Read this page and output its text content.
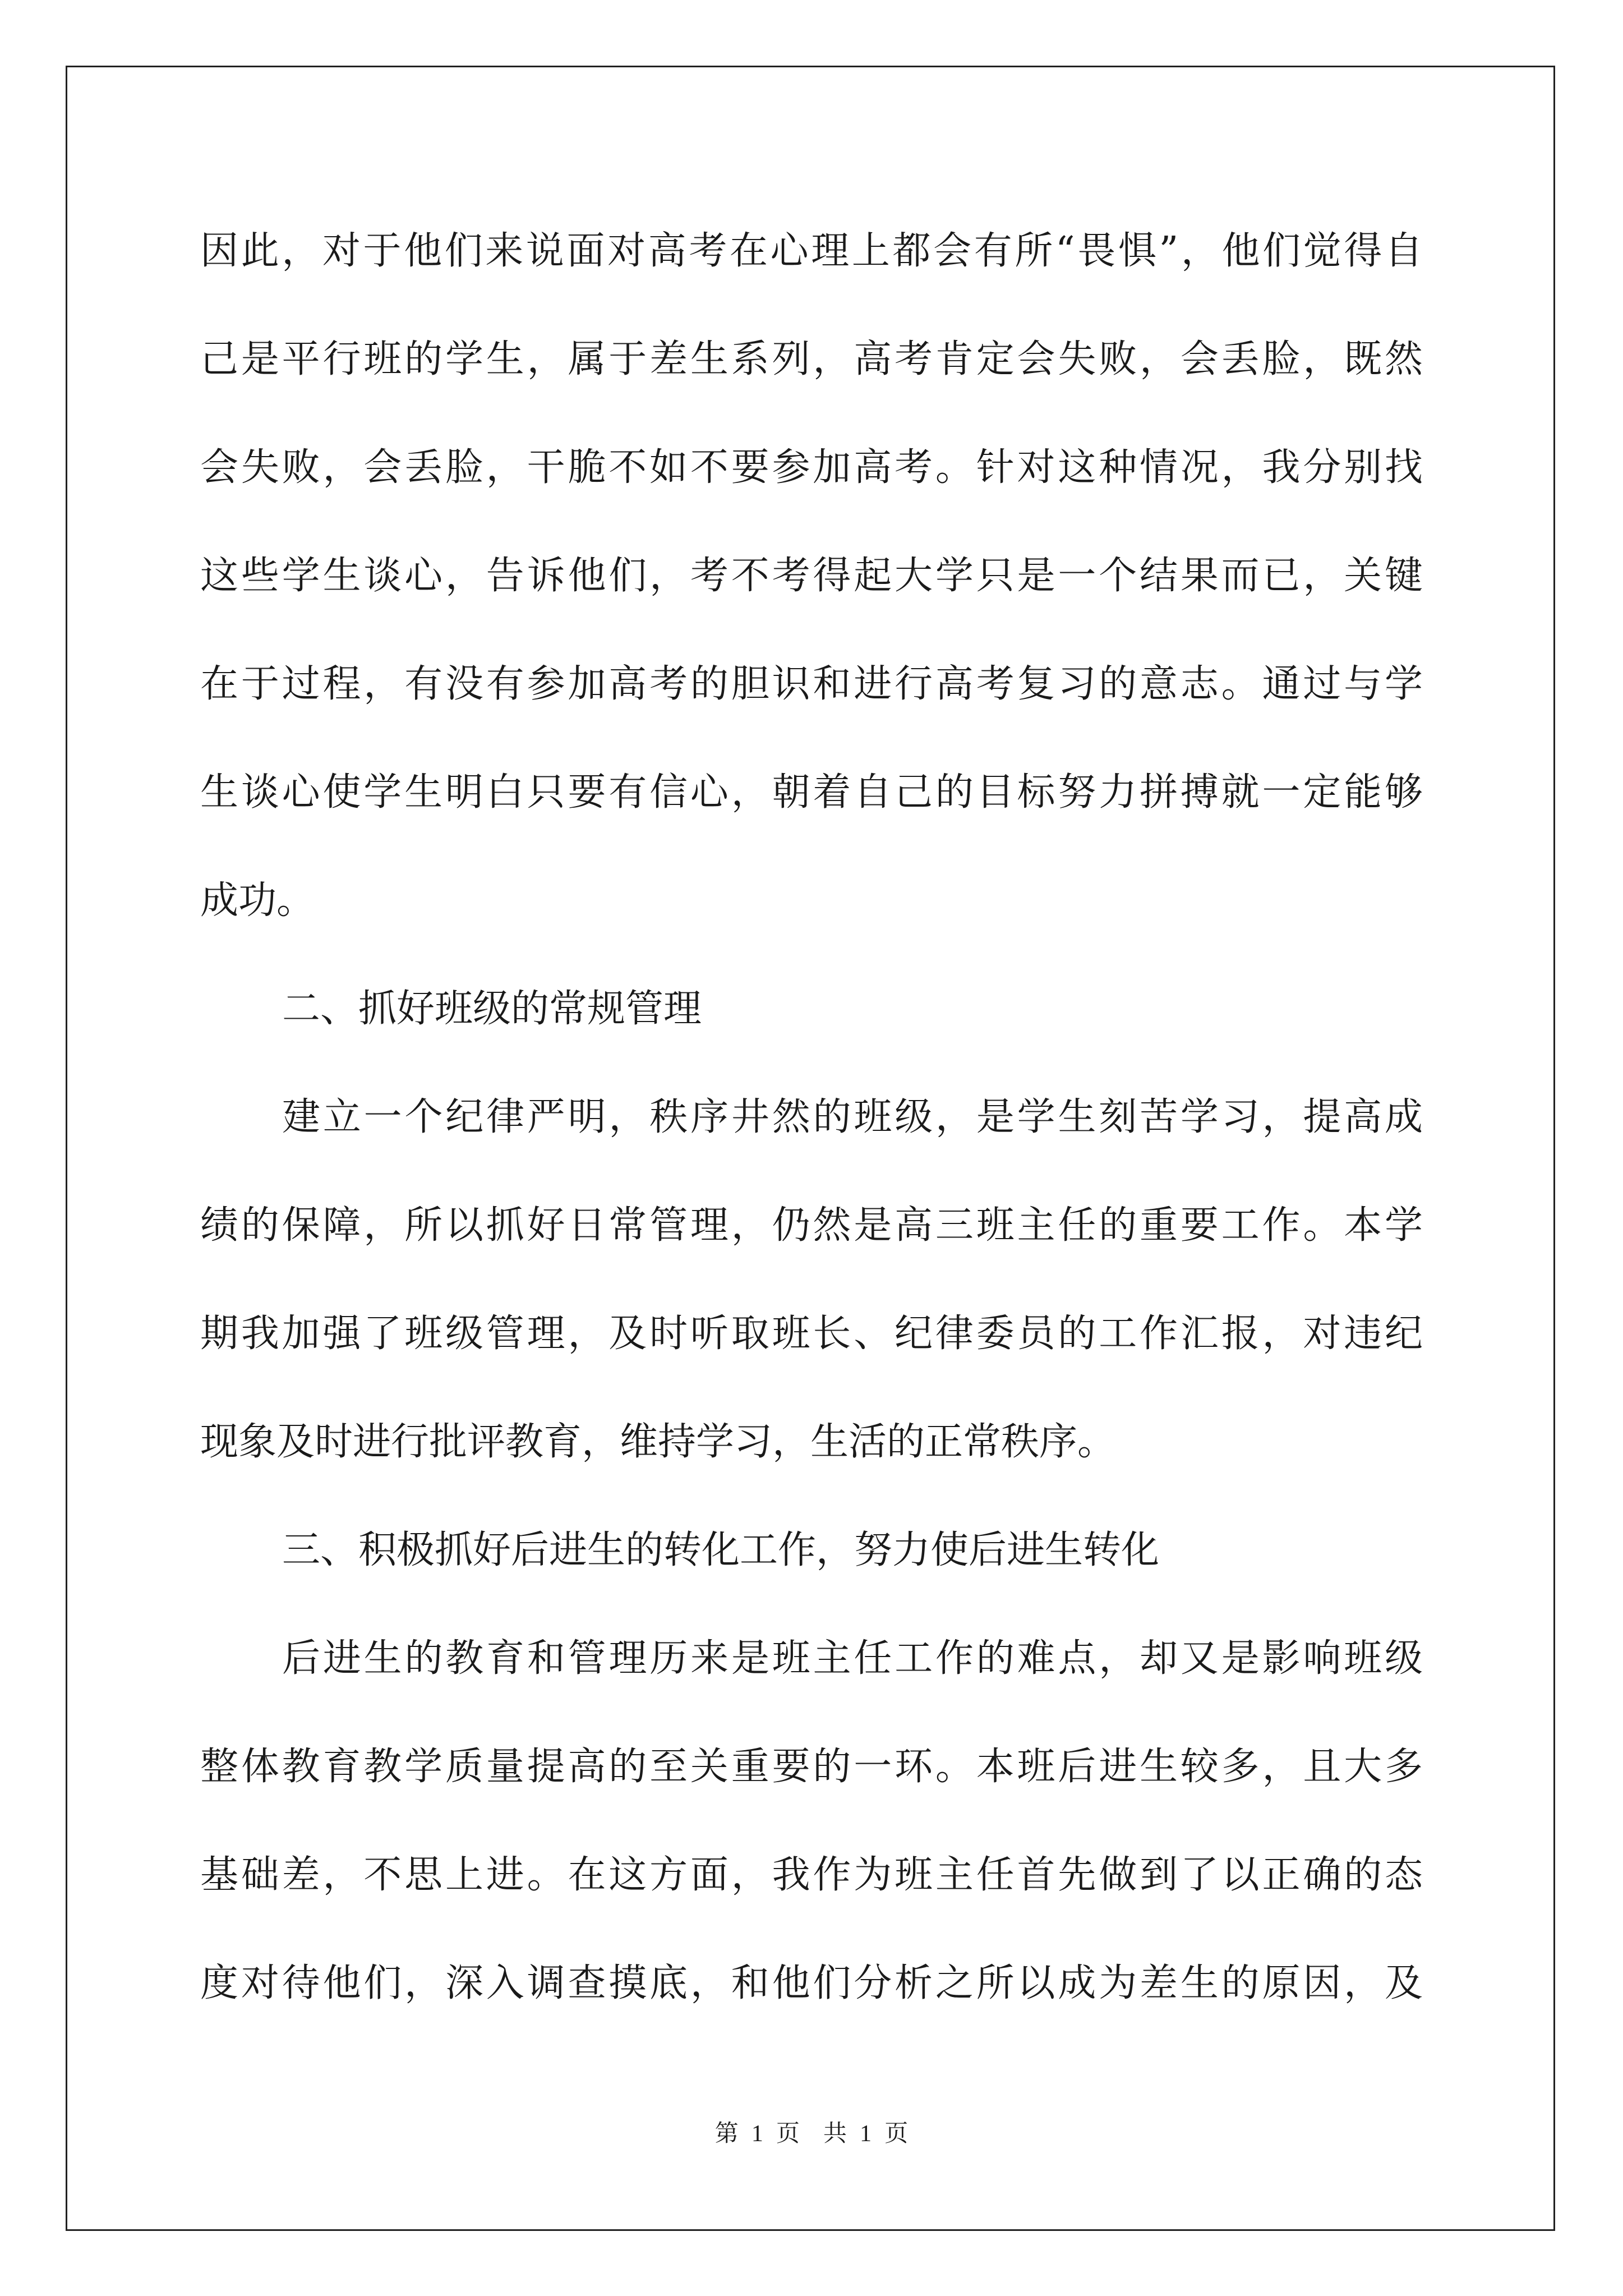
因此，对于他们来说面对高考在心理上都会有所“畏惧”，他们觉得自
己是平行班的学生，属于差生系列，高考肯定会失败，会丢脸，既然
会失败，会丢脸，干脆不如不要参加高考。针对这种情况，我分别找
这些学生谈心，告诉他们，考不考得起大学只是一个结果而已，关键
在于过程，有没有参加高考的胆识和进行高考复习的意志。通过与学
生谈心使学生明白只要有信心，朝着自己的目标努力拼搏就一定能够
成功。
二、抓好班级的常规管理
建立一个纪律严明，秩序井然的班级，是学生刻苦学习，提高成
绩的保障，所以抓好日常管理，仍然是高三班主任的重要工作。本学
期我加强了班级管理，及时听取班长、纪律委员的工作汇报，对违纪
现象及时进行批评教育，维持学习，生活的正常秩序。
三、积极抓好后进生的转化工作，努力使后进生转化
后进生的教育和管理历来是班主任工作的难点，却又是影响班级
整体教育教学质量提高的至关重要的一环。本班后进生较多，且大多
基础差，不思上进。在这方面，我作为班主任首先做到了以正确的态
度对待他们，深入调查摸底，和他们分析之所以成为差生的原因，及
第 1 页　共 1 页
